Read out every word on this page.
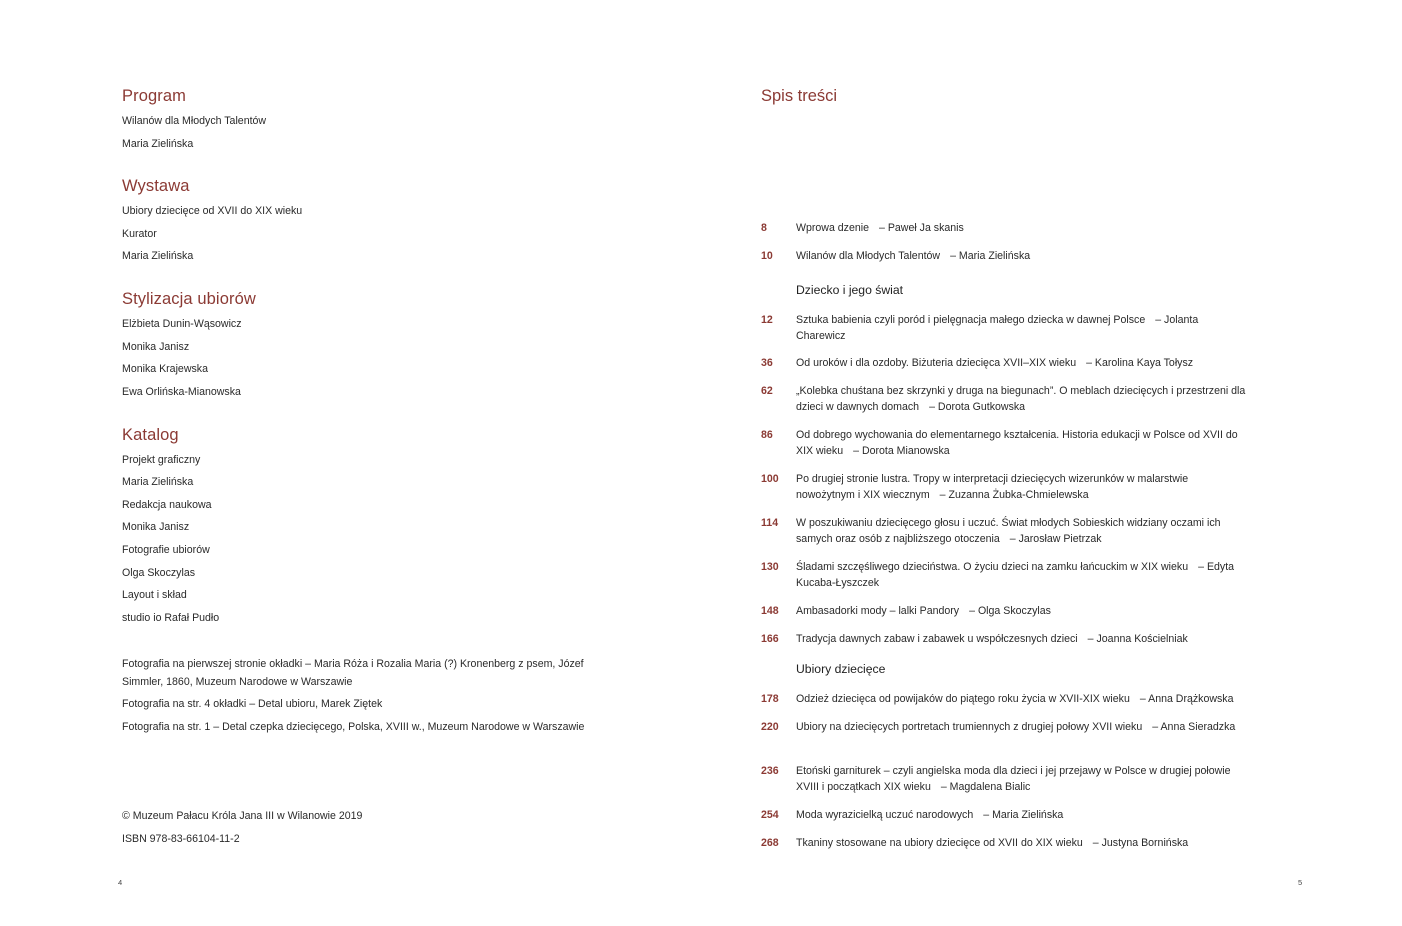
Program
Wilanów dla Młodych Talentów
Maria Zielińska
Wystawa
Ubiory dziecięce od XVII do XIX wieku
Kurator
Maria Zielińska
Stylizacja ubiorów
Elżbieta Dunin-Wąsowicz
Monika Janisz
Monika Krajewska
Ewa Orlińska-Mianowska
Katalog
Projekt graficzny
Maria Zielińska
Redakcja naukowa
Monika Janisz
Fotografie ubiorów
Olga Skoczylas
Layout i skład
studio io Rafał Pudło
Fotografia na pierwszej stronie okładki – Maria Róża i Rozalia Maria (?) Kronenberg z psem, Józef Simmler, 1860, Muzeum Narodowe w Warszawie
Fotografia na str. 4 okładki – Detal ubioru, Marek Ziętek
Fotografia na str. 1 – Detal czepka dziecięcego, Polska, XVIII w., Muzeum Narodowe w Warszawie
© Muzeum Pałacu Króla Jana III w Wilanowie 2019
ISBN 978-83-66104-11-2
4
Spis treści
8	Wprowa dzenie – Paweł Ja skanis
10 Wilanów dla Młodych Talentów – Maria Zielińska
Dziecko i jego świat
12 Sztuka babienia czyli poród i pielęgnacja małego dziecka w dawnej Polsce – Jolanta Charewicz
36 Od uroków i dla ozdoby. Biżuteria dziecięca XVII–XIX wieku – Karolina Kaya Tołysz
62 „Kolebka chuśtana bez skrzynki y druga na biegunach”. O meblach dziecięcych i przestrzeni dla dzieci w dawnych domach – Dorota Gutkowska
86 Od dobrego wychowania do elementarnego kształcenia. Historia edukacji w Polsce od XVII do XIX wieku – Dorota Mianowska
100 Po drugiej stronie lustra. Tropy w interpretacji dziecięcych wizerunków w malarstwie nowożytnym i XIX wiecznym – Zuzanna Żubka-Chmielewska
114 W poszukiwaniu dziecięcego głosu i uczuć. Świat młodych Sobieskich widziany oczami ich samych oraz osób z najbliższego otoczenia – Jarosław Pietrzak
130 Śladami szczęśliwego dzieciństwa. O życiu dzieci na zamku łańcuckim w XIX wieku – Edyta Kucaba-Łyszczek
148 Ambasadorki mody – lalki Pandory – Olga Skoczylas
166 Tradycja dawnych zabaw i zabawek u współczesnych dzieci – Joanna Kościelniak
Ubiory dziecięce
178 Odzież dziecięca od powijaków do piątego roku życia w XVII-XIX wieku – Anna Drążkowska
220 Ubiory na dziecięcych portretach trumiennych z drugiej połowy XVII wieku – Anna Sieradzka
236 Etoński garniturek – czyli angielska moda dla dzieci i jej przejawy w Polsce w drugiej połowie XVIII i początkach XIX wieku – Magdalena Bialic
254 Moda wyrazicielką uczuć narodowych – Maria Zielińska
268 Tkaniny stosowane na ubiory dziecięce od XVII do XIX wieku – Justyna Bornińska
5
